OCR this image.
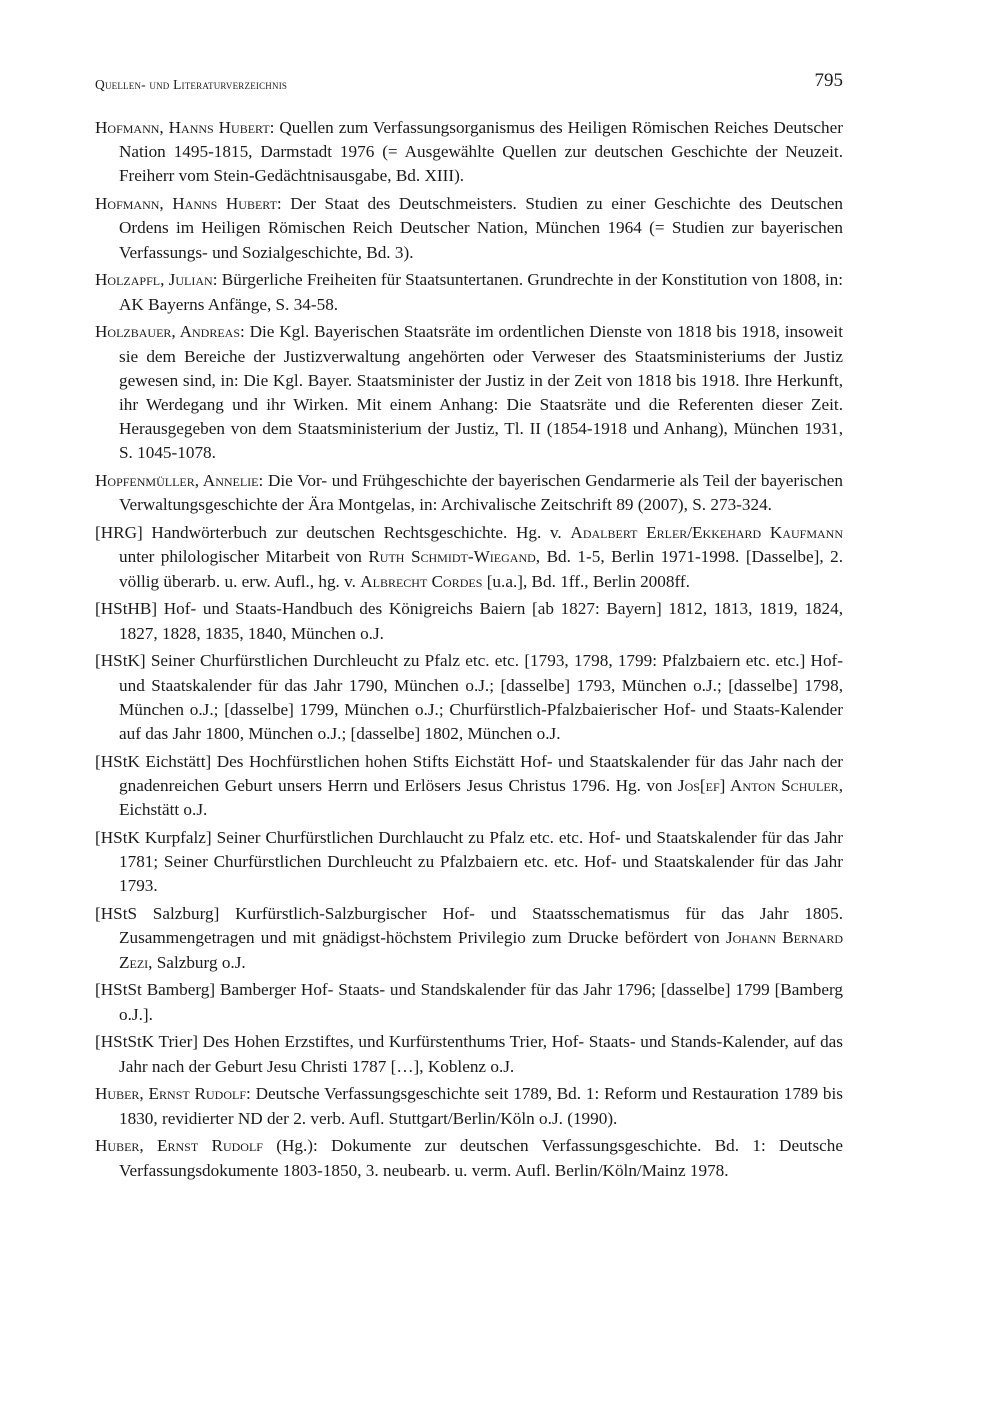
Quellen- und Literaturverzeichnis	795

Hofmann, Hanns Hubert: Quellen zum Verfassungsorganismus des Heiligen Römischen Reiches Deutscher Nation 1495-1815, Darmstadt 1976 (= Ausgewählte Quellen zur deutschen Geschichte der Neuzeit. Freiherr vom Stein-Gedächtnisausgabe, Bd. XIII).

Hofmann, Hanns Hubert: Der Staat des Deutschmeisters. Studien zu einer Geschichte des Deutschen Ordens im Heiligen Römischen Reich Deutscher Nation, München 1964 (= Studien zur bayerischen Verfassungs- und Sozialgeschichte, Bd. 3).

Holzapfl, Julian: Bürgerliche Freiheiten für Staatsuntertanen. Grundrechte in der Konstitution von 1808, in: AK Bayerns Anfänge, S. 34-58.

Holzbauer, Andreas: Die Kgl. Bayerischen Staatsräte im ordentlichen Dienste von 1818 bis 1918, insoweit sie dem Bereiche der Justizverwaltung angehörten oder Verweser des Staatsministeriums der Justiz gewesen sind, in: Die Kgl. Bayer. Staatsminister der Justiz in der Zeit von 1818 bis 1918. Ihre Herkunft, ihr Werdegang und ihr Wirken. Mit einem Anhang: Die Staatsräte und die Referenten dieser Zeit. Herausgegeben von dem Staatsministerium der Justiz, Tl. II (1854-1918 und Anhang), München 1931, S. 1045-1078.

Hopfenmüller, Annelie: Die Vor- und Frühgeschichte der bayerischen Gendarmerie als Teil der bayerischen Verwaltungsgeschichte der Ära Montgelas, in: Archivalische Zeitschrift 89 (2007), S. 273-324.

[HRG] Handwörterbuch zur deutschen Rechtsgeschichte. Hg. v. Adalbert Erler/Ekkehard Kaufmann unter philologischer Mitarbeit von Ruth Schmidt-Wiegand, Bd. 1-5, Berlin 1971-1998. [Dasselbe], 2. völlig überarb. u. erw. Aufl., hg. v. Albrecht Cordes [u.a.], Bd. 1ff., Berlin 2008ff.

[HStHB] Hof- und Staats-Handbuch des Königreichs Baiern [ab 1827: Bayern] 1812, 1813, 1819, 1824, 1827, 1828, 1835, 1840, München o.J.

[HStK] Seiner Churfürstlichen Durchleucht zu Pfalz etc. etc. [1793, 1798, 1799: Pfalzbaiern etc. etc.] Hof- und Staatskalender für das Jahr 1790, München o.J.; [dasselbe] 1793, München o.J.; [dasselbe] 1798, München o.J.; [dasselbe] 1799, München o.J.; Churfürstlich-Pfalzbaierischer Hof- und Staats-Kalender auf das Jahr 1800, München o.J.; [dasselbe] 1802, München o.J.

[HStK Eichstätt] Des Hochfürstlichen hohen Stifts Eichstätt Hof- und Staatskalender für das Jahr nach der gnadenreichen Geburt unsers Herrn und Erlösers Jesus Christus 1796. Hg. von Jos[ef] Anton Schuler, Eichstätt o.J.

[HStK Kurpfalz] Seiner Churfürstlichen Durchlaucht zu Pfalz etc. etc. Hof- und Staatskalender für das Jahr 1781; Seiner Churfürstlichen Durchleucht zu Pfalzbaiern etc. etc. Hof- und Staatskalender für das Jahr 1793.

[HStS Salzburg] Kurfürstlich-Salzburgischer Hof- und Staatsschematismus für das Jahr 1805. Zusammengetragen und mit gnädigst-höchstem Privilegio zum Drucke befördert von Johann Bernard Zezi, Salzburg o.J.

[HStSt Bamberg] Bamberger Hof- Staats- und Standskalender für das Jahr 1796; [dasselbe] 1799 [Bamberg o.J.].

[HStStK Trier] Des Hohen Erzstiftes, und Kurfürstenthums Trier, Hof- Staats- und Stands-Kalender, auf das Jahr nach der Geburt Jesu Christi 1787 […], Koblenz o.J.

Huber, Ernst Rudolf: Deutsche Verfassungsgeschichte seit 1789, Bd. 1: Reform und Restauration 1789 bis 1830, revidierter ND der 2. verb. Aufl. Stuttgart/Berlin/Köln o.J. (1990).

Huber, Ernst Rudolf (Hg.): Dokumente zur deutschen Verfassungsgeschichte. Bd. 1: Deutsche Verfassungsdokumente 1803-1850, 3. neubearb. u. verm. Aufl. Berlin/Köln/Mainz 1978.
